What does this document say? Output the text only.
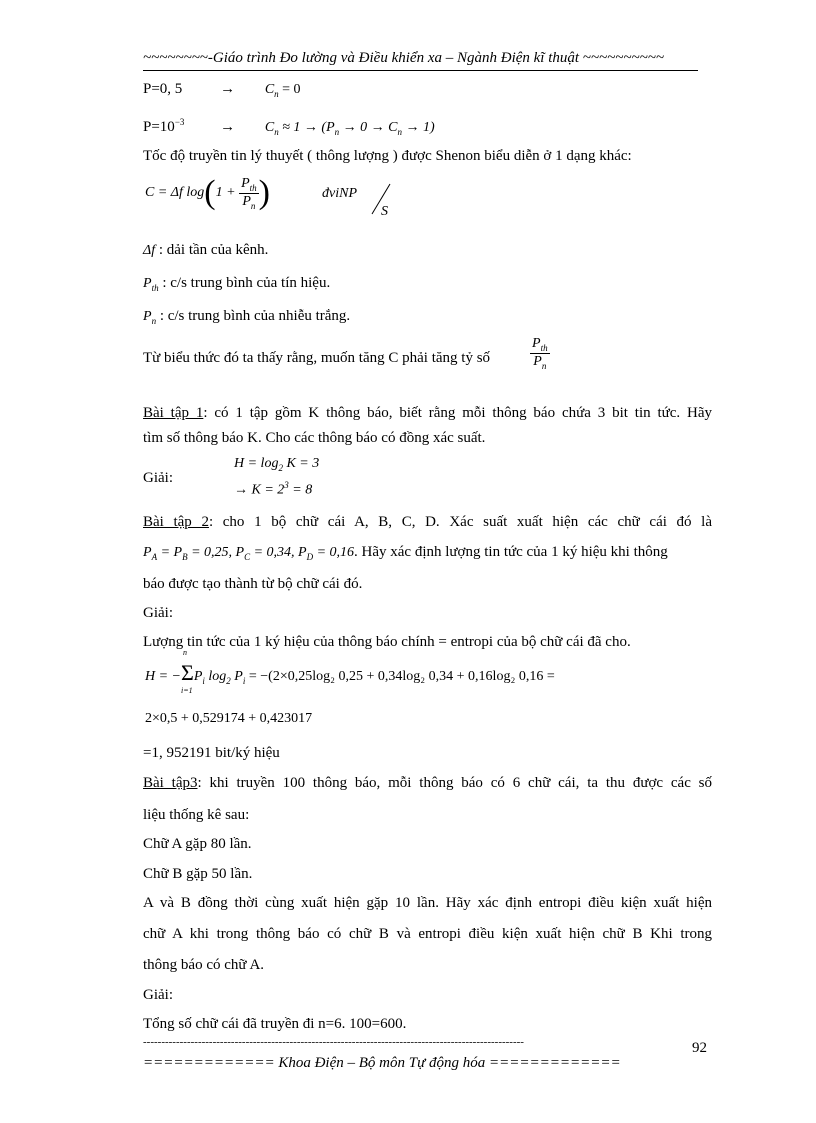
~~~~~~~~-Giáo trình Đo lường và Điều khiển xa – Ngành Điện kĩ thuật ~~~~~~~~~~
P=0, 5	→ $C_n = 0$
$P=10^{-3} \to C_n \approx 1 \to (P_n \to 0 \to C_n \to 1)$
Tốc độ truyền tin lý thuyết ( thông lượng ) được Shenon biểu diễn ở 1 dạng khác:
C = Δf $\log(1 + \frac{P_{th}}{P_n}$ )	đviNP
S
Δf : dải tần của kênh.
$P_{th}$ : c/s trung bình của tín hiệu.
$P_n$ : c/s trung bình của nhiễu trắng.
Từ biểu thức đó ta thấy rằng, muốn tăng C phải tăng tỷ số	$\frac{P_{th}}{P_n}$
Bài tập 1: có 1 tập gồm K thông báo, biết rằng mỗi thông báo chứa 3 bit tin tức. Hãy
tìm số thông báo K. Cho các thông báo có đồng xác suất.
Giải:
$H = \log_2 K = 3$
→ $K = 2^3 = 8$
Bài tập 2: cho 1 bộ chữ cái A, B, C, D. Xác suất xuất hiện các chữ cái đó là
$P_A = P_B = 0,25$, $P_C = 0,34$, $P_D = 0,16$. Hãy xác định lượng tin tức của 1 ký hiệu khi thông
báo được tạo thành từ bộ chữ cái đó.
Giải:
Lượng tin tức của 1 ký hiệu của thông báo chính = entropi của bộ chữ cái đã cho.
H = −
n
Σ
i=1
$P_i$ $\log_2 P_i = -(2\times 0,25\log_2$ 0,25 + 0,34log₂ 0,34 + 0,16log₂ 0,16 =
2×0,5 + 0,529174 + 0,423017
=1, 952191 bit/ký hiệu
Bài tập3: khi truyền 100 thông báo, mỗi thông báo có 6 chữ cái, ta thu được các số
liệu thống kê sau:
Chữ A gặp 80 lần.
Chữ B gặp 50 lần.
A và B đồng thời cùng xuất hiện gặp 10 lần. Hãy xác định entropi điều kiện xuất hiện
chữ A khi trong thông báo có chữ B và entropi điều kiện xuất hiện chữ B Khi trong
thông báo có chữ A.
Giải:
Tổng số chữ cái đã truyền đi n=6. 100=600.
--------------------------------------------------------------------------------------------------------	92
============= Khoa Điện – Bộ môn Tự động hóa =============
